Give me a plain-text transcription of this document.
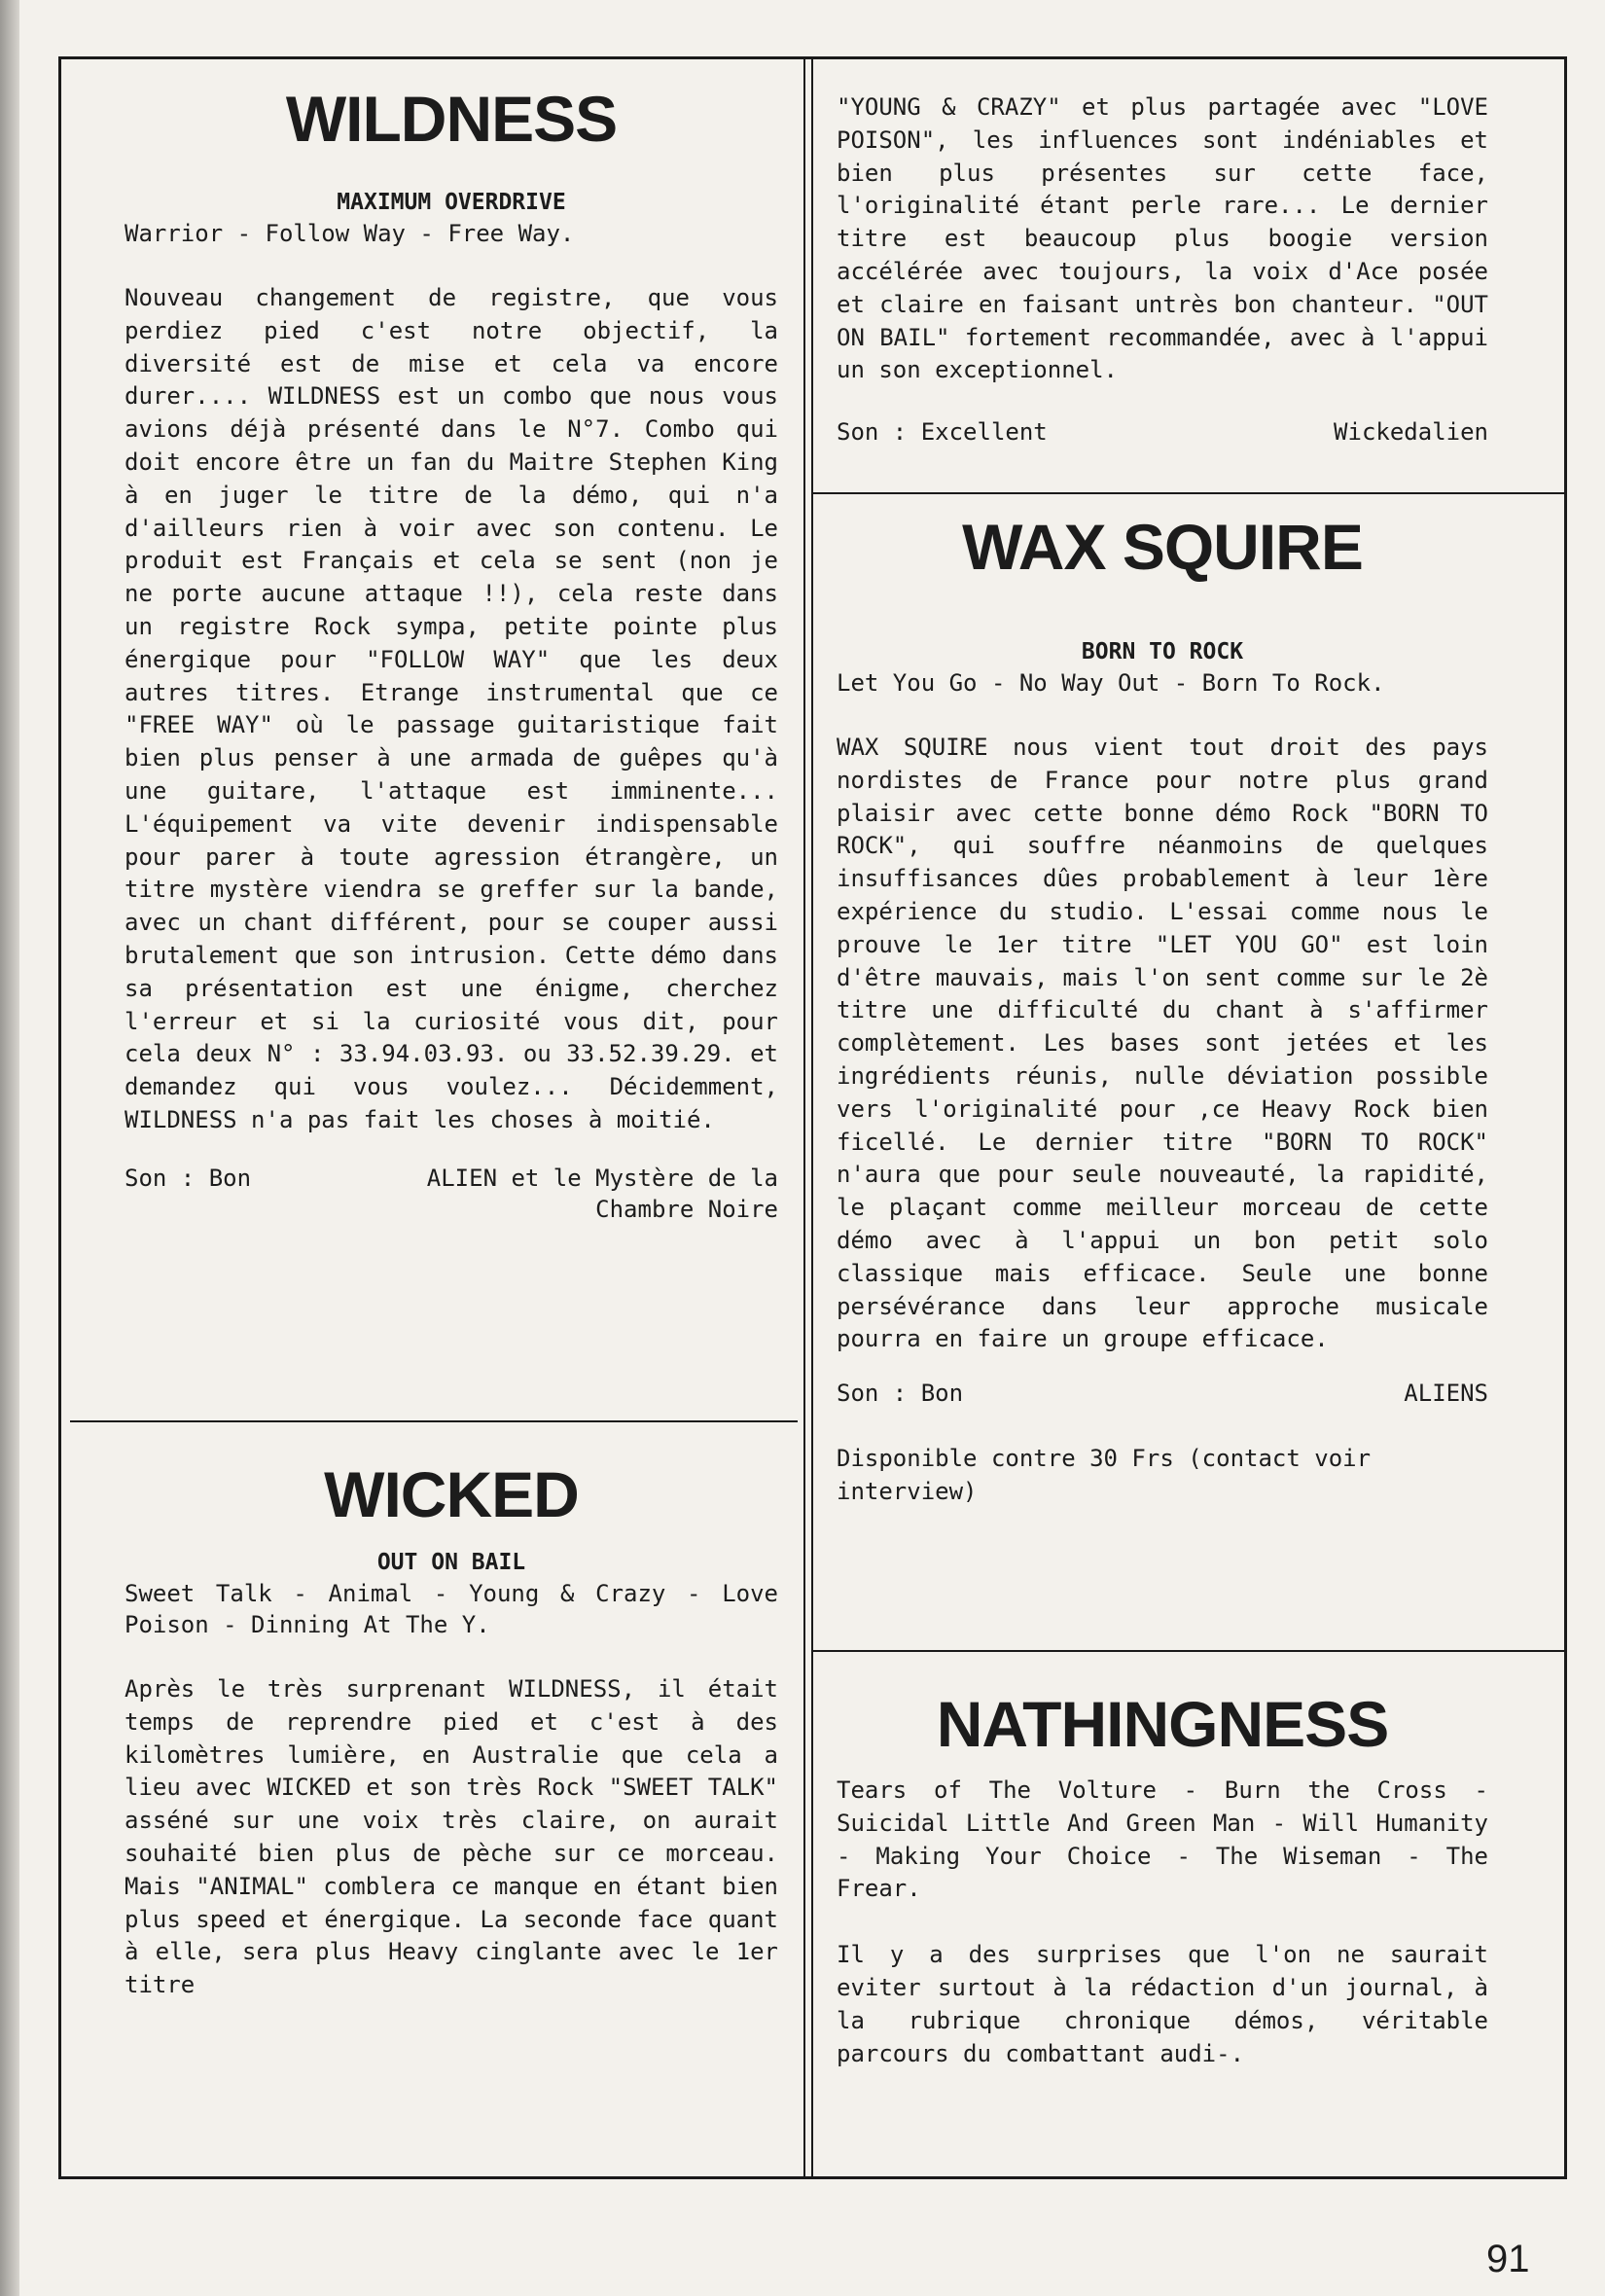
WILDNESS

MAXIMUM OVERDRIVE

Warrior - Follow Way - Free Way.

Nouveau changement de registre, que vous perdiez pied c'est notre objectif, la diversité est de mise et cela va encore durer.... WILDNESS est un combo que nous vous avions déjà présenté dans le N°7. Combo qui doit encore être un fan du Maitre Stephen King à en juger le titre de la démo, qui n'a d'ailleurs rien à voir avec son contenu. Le produit est Français et cela se sent (non je ne porte aucune attaque !!), cela reste dans un registre Rock sympa, petite pointe plus énergique pour "FOLLOW WAY" que les deux autres titres. Etrange instrumental que ce "FREE WAY" où le passage guitaristique fait bien plus penser à une armada de guêpes qu'à une guitare, l'attaque est imminente... L'équipement va vite devenir indispensable pour parer à toute agression étrangère, un titre mystère viendra se greffer sur la bande, avec un chant différent, pour se couper aussi brutalement que son intrusion. Cette démo dans sa présentation est une énigme, cherchez l'erreur et si la curiosité vous dit, pour cela deux N° : 33.94.03.93. ou 33.52.39.29. et demandez qui vous voulez... Décidemment, WILDNESS n'a pas fait les choses à moitié.

Son : Bon	ALIEN et le Mystère de la Chambre Noire
WICKED

OUT ON BAIL

Sweet Talk - Animal - Young & Crazy - Love Poison - Dinning At The Y.

Après le très surprenant WILDNESS, il était temps de reprendre pied et c'est à des kilomètres lumière, en Australie que cela a lieu avec WICKED et son très Rock "SWEET TALK" asséné sur une voix très claire, on aurait souhaité bien plus de pèche sur ce morceau. Mais "ANIMAL" comblera ce manque en étant bien plus speed et énergique. La seconde face quant à elle, sera plus Heavy cinglante avec le 1er titre

"YOUNG & CRAZY" et plus partagée avec "LOVE POISON", les influences sont indéniables et bien plus présentes sur cette face, l'originalité étant perle rare... Le dernier titre est beaucoup plus boogie version accélérée avec toujours, la voix d'Ace posée et claire en faisant untrès bon chanteur. "OUT ON BAIL" fortement recommandée, avec à l'appui un son exceptionnel.

Son : Excellent	Wickedalien
WAX SQUIRE

BORN TO ROCK

Let You Go - No Way Out - Born To Rock.

WAX SQUIRE nous vient tout droit des pays nordistes de France pour notre plus grand plaisir avec cette bonne démo Rock "BORN TO ROCK", qui souffre néanmoins de quelques insuffisances dûes probablement à leur 1ère expérience du studio. L'essai comme nous le prouve le 1er titre "LET YOU GO" est loin d'être mauvais, mais l'on sent comme sur le 2è titre une difficulté du chant à s'affirmer complètement. Les bases sont jetées et les ingrédients réunis, nulle déviation possible vers l'originalité pour ,ce Heavy Rock bien ficellé. Le dernier titre "BORN TO ROCK" n'aura que pour seule nouveauté, la rapidité, le plaçant comme meilleur morceau de cette démo avec à l'appui un bon petit solo classique mais efficace. Seule une bonne persévérance dans leur approche musicale pourra en faire un groupe efficace.

Son : Bon	ALIENS

Disponible contre 30 Frs (contact voir interview)

NATHINGNESS

Tears of The Volture - Burn the Cross - Suicidal Little And Green Man - Will Humanity - Making Your Choice - The Wiseman - The Frear.

Il y a des surprises que l'on ne saurait eviter surtout à la rédaction d'un journal, à la rubrique chronique démos, véritable parcours du combattant audi-.

91
